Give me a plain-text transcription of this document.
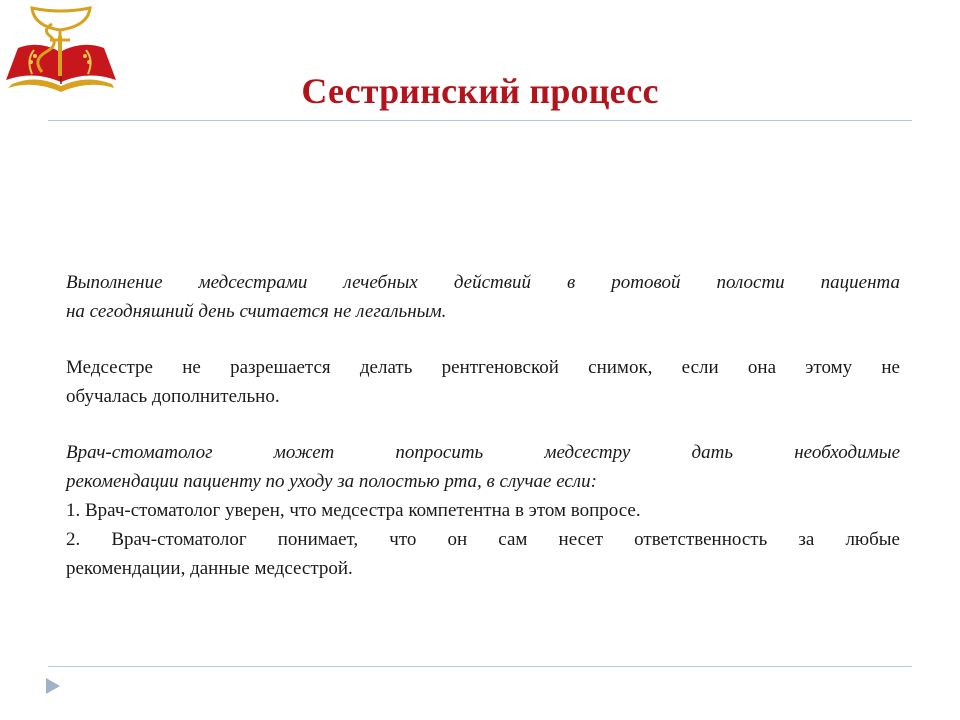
Сестринский процесс

Выполнение медсестрами лечебных действий в ротовой полости пациента

на сегодняшний день считается не легальным.

Медсестре не разрешается делать рентгеновской снимок, если она этому не

обучалась дополнительно.

Врач-стоматолог может попросить медсестру дать необходимые

рекомендации пациенту по уходу за полостью рта, в случае если:

1. Врач-стоматолог уверен, что медсестра компетентна в этом вопросе.

2. Врач-стоматолог понимает, что он сам несет ответственность за любые

рекомендации, данные медсестрой.
